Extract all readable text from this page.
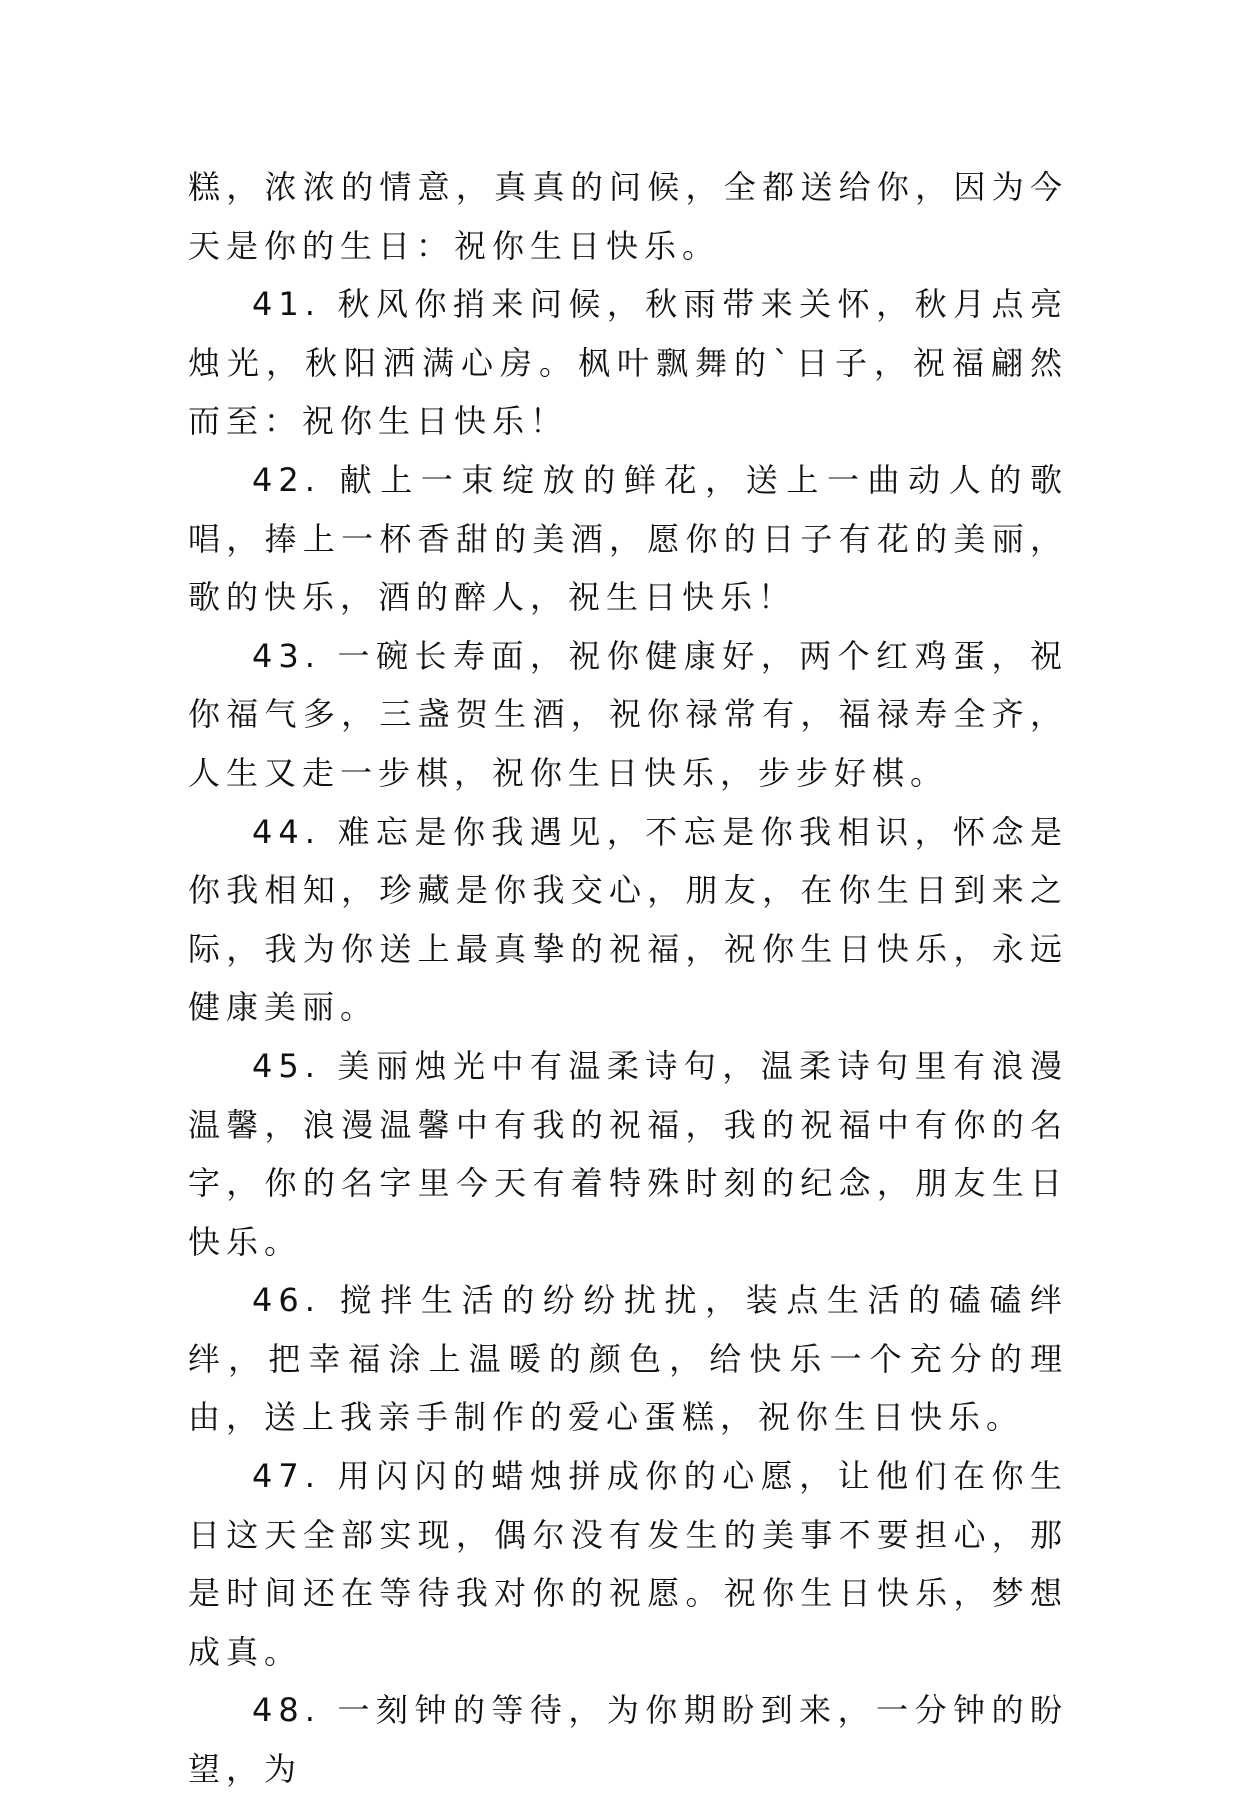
糕，浓浓的情意，真真的问候，全都送给你，因为今天是你的生日：祝你生日快乐。

41. 秋风你捎来问候，秋雨带来关怀，秋月点亮烛光，秋阳洒满心房。枫叶飘舞的`日子，祝福翩然而至：祝你生日快乐！

42. 献上一束绽放的鲜花，送上一曲动人的歌唱，捧上一杯香甜的美酒，愿你的日子有花的美丽，歌的快乐，酒的醉人，祝生日快乐！

43. 一碗长寿面，祝你健康好，两个红鸡蛋，祝你福气多，三盏贺生酒，祝你禄常有，福禄寿全齐，人生又走一步棋，祝你生日快乐，步步好棋。

44. 难忘是你我遇见，不忘是你我相识，怀念是你我相知，珍藏是你我交心，朋友，在你生日到来之际，我为你送上最真挚的祝福，祝你生日快乐，永远健康美丽。

45. 美丽烛光中有温柔诗句，温柔诗句里有浪漫温馨，浪漫温馨中有我的祝福，我的祝福中有你的名字，你的名字里今天有着特殊时刻的纪念，朋友生日快乐。

46. 搅拌生活的纷纷扰扰，装点生活的磕磕绊绊，把幸福涂上温暖的颜色，给快乐一个充分的理由，送上我亲手制作的爱心蛋糕，祝你生日快乐。

47. 用闪闪的蜡烛拼成你的心愿，让他们在你生日这天全部实现，偶尔没有发生的美事不要担心，那是时间还在等待我对你的祝愿。祝你生日快乐，梦想成真。

48. 一刻钟的等待，为你期盼到来，一分钟的盼望，为
